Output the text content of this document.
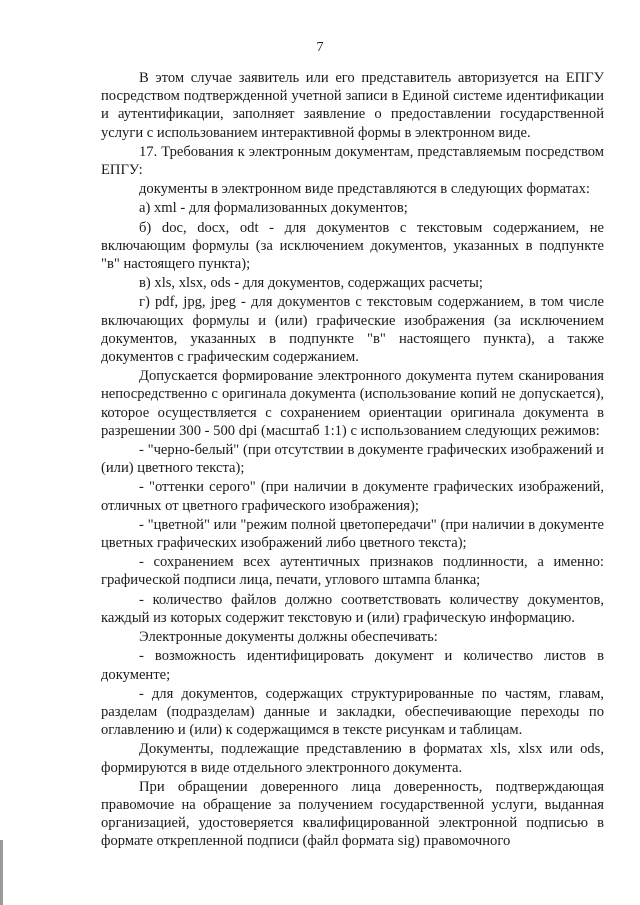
7

В этом случае заявитель или его представитель авторизуется на ЕПГУ посредством подтвержденной учетной записи в Единой системе идентификации и аутентификации, заполняет заявление о предоставлении государственной услуги с использованием интерактивной формы в электронном виде.

17. Требования к электронным документам, представляемым посредством ЕПГУ:

документы в электронном виде представляются в следующих форматах:

а) xml - для формализованных документов;

б) doc, docx, odt - для документов с текстовым содержанием, не включающим формулы (за исключением документов, указанных в подпункте "в" настоящего пункта);

в) xls, xlsx, ods - для документов, содержащих расчеты;

г) pdf, jpg, jpeg - для документов с текстовым содержанием, в том числе включающих формулы и (или) графические изображения (за исключением документов, указанных в подпункте "в" настоящего пункта), а также документов с графическим содержанием.

Допускается формирование электронного документа путем сканирования непосредственно с оригинала документа (использование копий не допускается), которое осуществляется с сохранением ориентации оригинала документа в разрешении 300 - 500 dpi (масштаб 1:1) с использованием следующих режимов:

- "черно-белый" (при отсутствии в документе графических изображений и (или) цветного текста);

- "оттенки серого" (при наличии в документе графических изображений, отличных от цветного графического изображения);

- "цветной" или "режим полной цветопередачи" (при наличии в документе цветных графических изображений либо цветного текста);

- сохранением всех аутентичных признаков подлинности, а именно: графической подписи лица, печати, углового штампа бланка;

- количество файлов должно соответствовать количеству документов, каждый из которых содержит текстовую и (или) графическую информацию.

Электронные документы должны обеспечивать:

- возможность идентифицировать документ и количество листов в документе;

- для документов, содержащих структурированные по частям, главам, разделам (подразделам) данные и закладки, обеспечивающие переходы по оглавлению и (или) к содержащимся в тексте рисункам и таблицам.

Документы, подлежащие представлению в форматах xls, xlsx или ods, формируются в виде отдельного электронного документа.

При обращении доверенного лица доверенность, подтверждающая правомочие на обращение за получением государственной услуги, выданная организацией, удостоверяется квалифицированной электронной подписью в формате открепленной подписи (файл формата sig) правомочного
